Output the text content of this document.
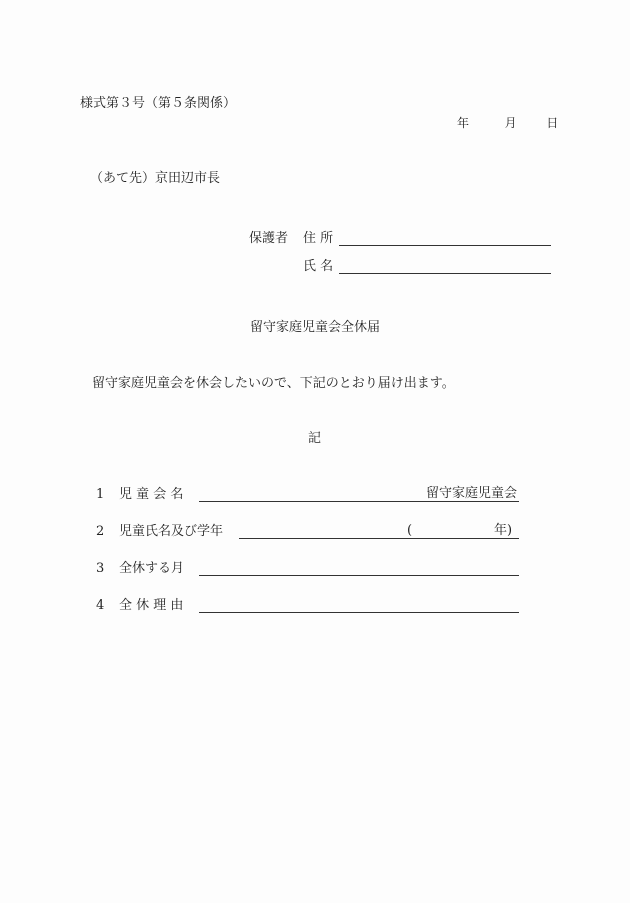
様式第３号（第５条関係）
年	月 日
（あて先）京田辺市長
保護者 住 所
氏 名
留守家庭児童会全休届
留守家庭児童会を休会したいので、下記のとおり届け出ます。
記
1 児 童 会 名	留守家庭児童会
2 児童氏名及び学年	(	年)
3 全休する月
4 全 休 理 由
